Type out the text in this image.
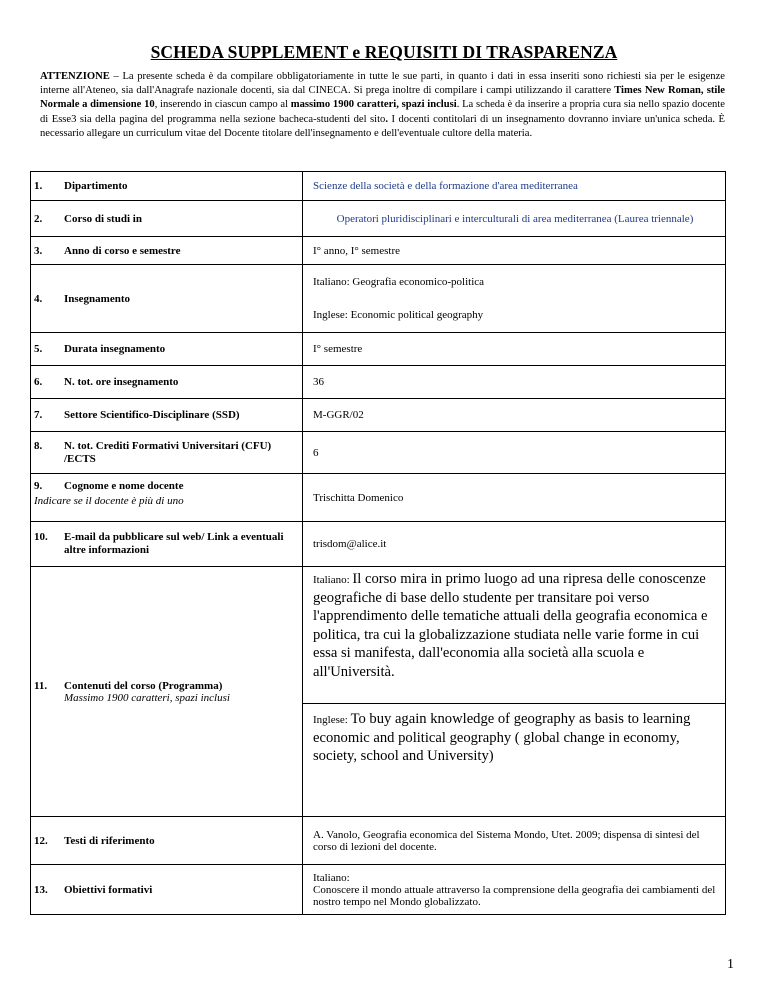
SCHEDA SUPPLEMENT e REQUISITI DI TRASPARENZA
ATTENZIONE – La presente scheda è da compilare obbligatoriamente in tutte le sue parti, in quanto i dati in essa inseriti sono richiesti sia per le esigenze interne all'Ateneo, sia dall'Anagrafe nazionale docenti, sia dal CINECA. Si prega inoltre di compilare i campi utilizzando il carattere Times New Roman, stile Normale a dimensione 10, inserendo in ciascun campo al massimo 1900 caratteri, spazi inclusi. La scheda è da inserire a propria cura sia nello spazio docente di Esse3 sia della pagina del programma nella sezione bacheca-studenti del sito. I docenti contitolari di un insegnamento dovranno inviare un'unica scheda. È necessario allegare un curriculum vitae del Docente titolare dell'insegnamento e dell'eventuale cultore della materia.
1. Dipartimento	Scienze della società e della formazione d'area mediterranea
2. Corso di studi in	Operatori pluridisciplinari e interculturali di area mediterranea (Laurea triennale)
3. Anno di corso e semestre	I° anno, I° semestre
4. Insegnamento	Italiano: Geografia economico-politica
	Inglese: Economic political geography
5. Durata insegnamento	I° semestre
6. N. tot. ore insegnamento	36
7. Settore Scientifico-Disciplinare (SSD)	M-GGR/02
8. N. tot. Crediti Formativi Universitari (CFU) /ECTS	6
9. Cognome e nome docente
Indicare se il docente è più di uno	Trischitta Domenico
10. E-mail da pubblicare sul web/ Link a eventuali altre informazioni	trisdom@alice.it
11. Contenuti del corso (Programma)
Massimo 1900 caratteri, spazi inclusi	Italiano: Il corso mira in primo luogo ad una ripresa delle conoscenze geografiche di base dello studente per transitare poi verso l'apprendimento delle tematiche attuali della geografia economica e politica, tra cui la globalizzazione studiata nelle varie forme in cui essa si manifesta, dall'economia alla società alla scuola e all'Università.
	Inglese: To buy again knowledge of geography as basis to learning economic and political geography ( global change in economy, society, school and University)
12. Testi di riferimento	A. Vanolo, Geografia economica del Sistema Mondo, Utet. 2009; dispensa di sintesi del corso di lezioni del docente.
13. Obiettivi formativi	Italiano:
Conoscere il mondo attuale attraverso la comprensione della geografia dei cambiamenti del nostro tempo nel Mondo globalizzato.
1
